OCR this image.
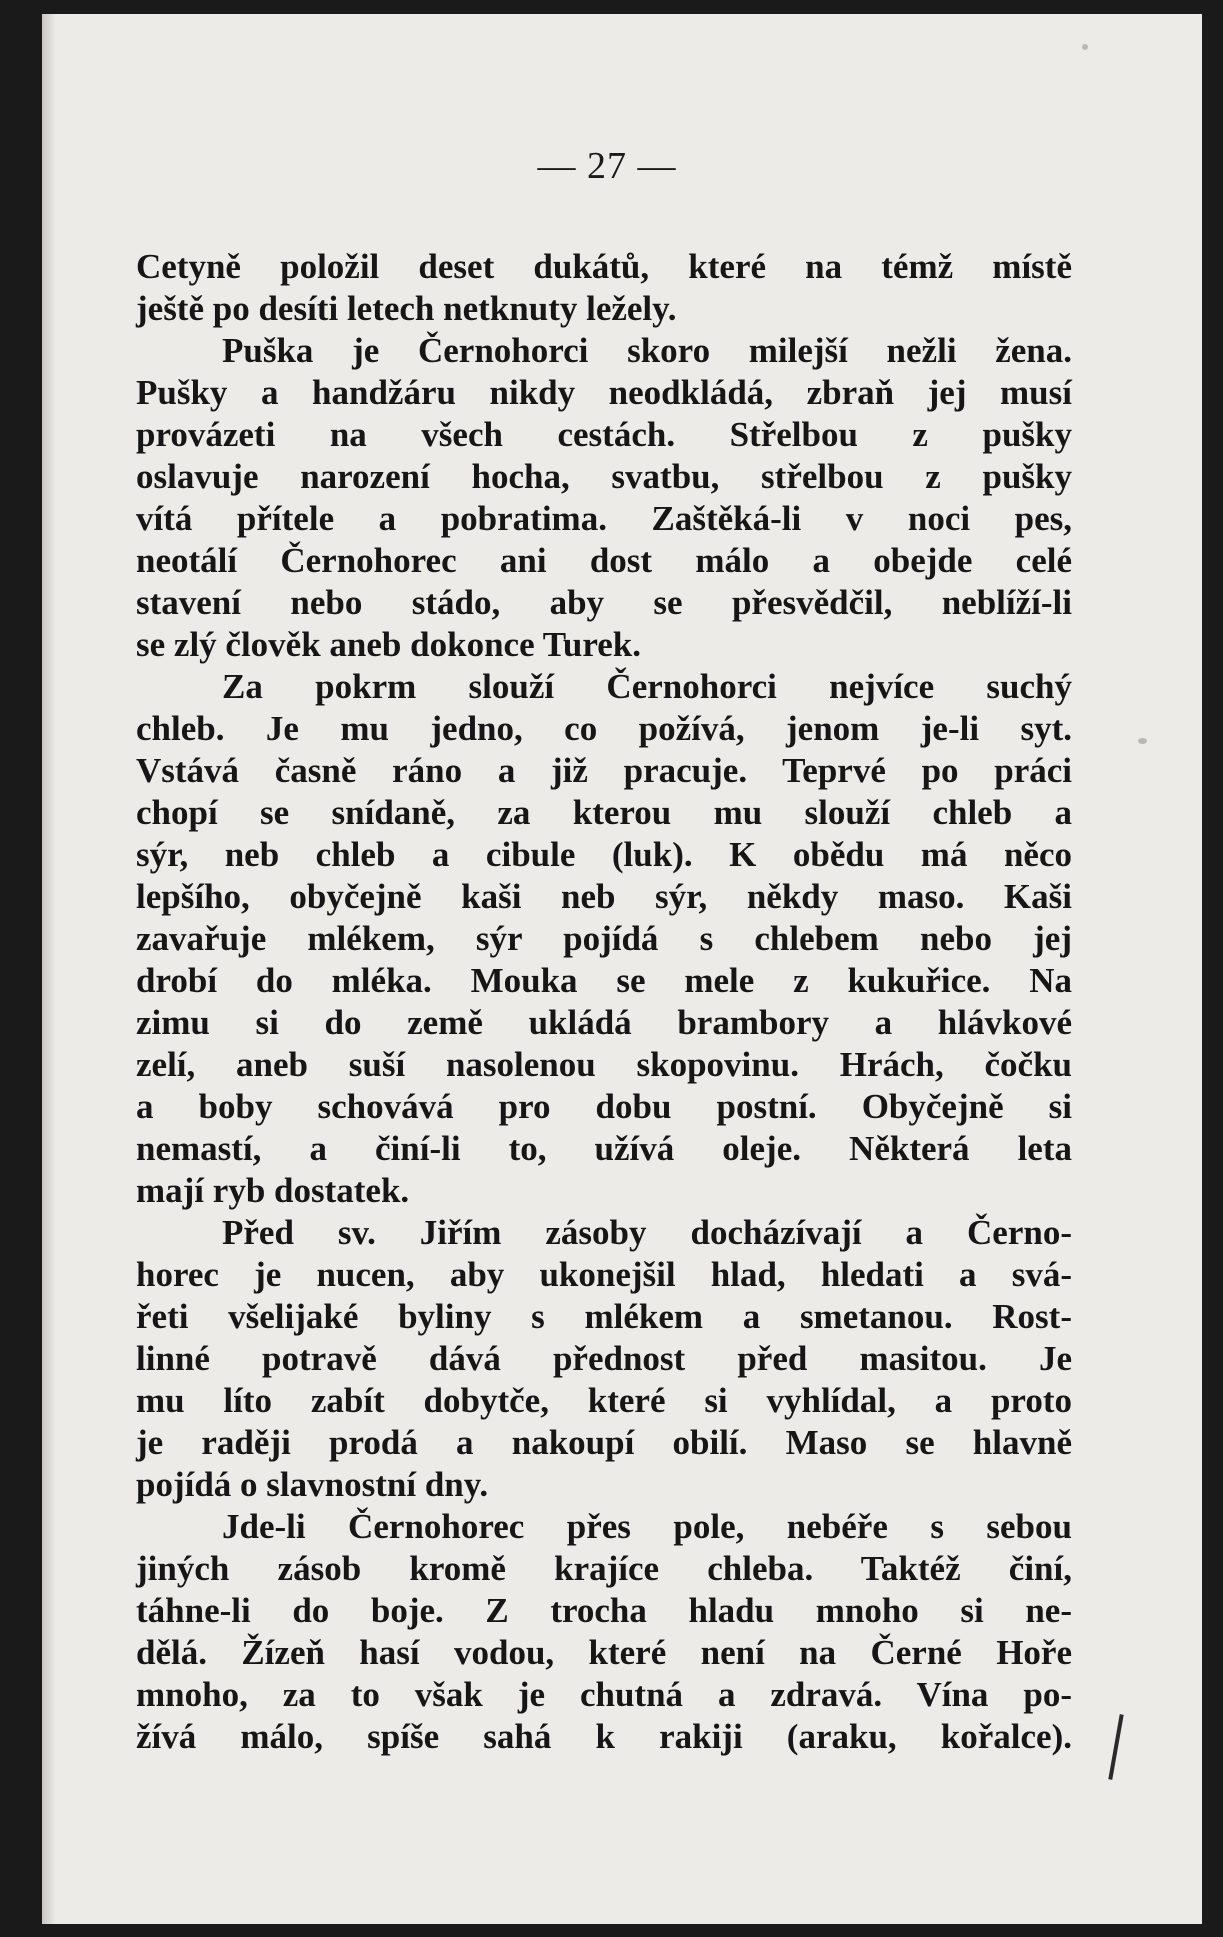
— 27 —
Cetyně položil deset dukátů, které na témž místě
ještě po desíti letech netknuty ležely.
Puška je Černohorci skoro milejší nežli žena.
Pušky a handžáru nikdy neodkládá, zbraň jej musí
provázeti na všech cestách. Střelbou z pušky
oslavuje narození hocha, svatbu, střelbou z pušky
vítá přítele a pobratima. Zaštěká-li v noci pes,
neotálí Černohorec ani dost málo a obejde celé
stavení nebo stádo, aby se přesvědčil, neblíží-li
se zlý člověk aneb dokonce Turek.
Za pokrm slouží Černohorci nejvíce suchý
chleb. Je mu jedno, co požívá, jenom je-li syt.
Vstává časně ráno a již pracuje. Teprvé po práci
chopí se snídaně, za kterou mu slouží chleb a
sýr, neb chleb a cibule (luk). K obědu má něco
lepšího, obyčejně kaši neb sýr, někdy maso. Kaši
zavařuje mlékem, sýr pojídá s chlebem nebo jej
drobí do mléka. Mouka se mele z kukuřice. Na
zimu si do země ukládá brambory a hlávkové
zelí, aneb suší nasolenou skopovinu. Hrách, čočku
a boby schovává pro dobu postní. Obyčejně si
nemastí, a činí-li to, užívá oleje. Některá leta
mají ryb dostatek.
Před sv. Jiřím zásoby docházívají a Černo-
horec je nucen, aby ukonejšil hlad, hledati a svá-
řeti všelijaké byliny s mlékem a smetanou. Rost-
linné potravě dává přednost před masitou. Je
mu líto zabít dobytče, které si vyhlídal, a proto
je raději prodá a nakoupí obilí. Maso se hlavně
pojídá o slavnostní dny.
Jde-li Černohorec přes pole, nebéře s sebou
jiných zásob kromě krajíce chleba. Taktéž činí,
táhne-li do boje. Z trocha hladu mnoho si ne-
dělá. Žízeň hasí vodou, které není na Černé Hoře
mnoho, za to však je chutná a zdravá. Vína po-
žívá málo, spíše sahá k rakiji (araku, kořalce).
